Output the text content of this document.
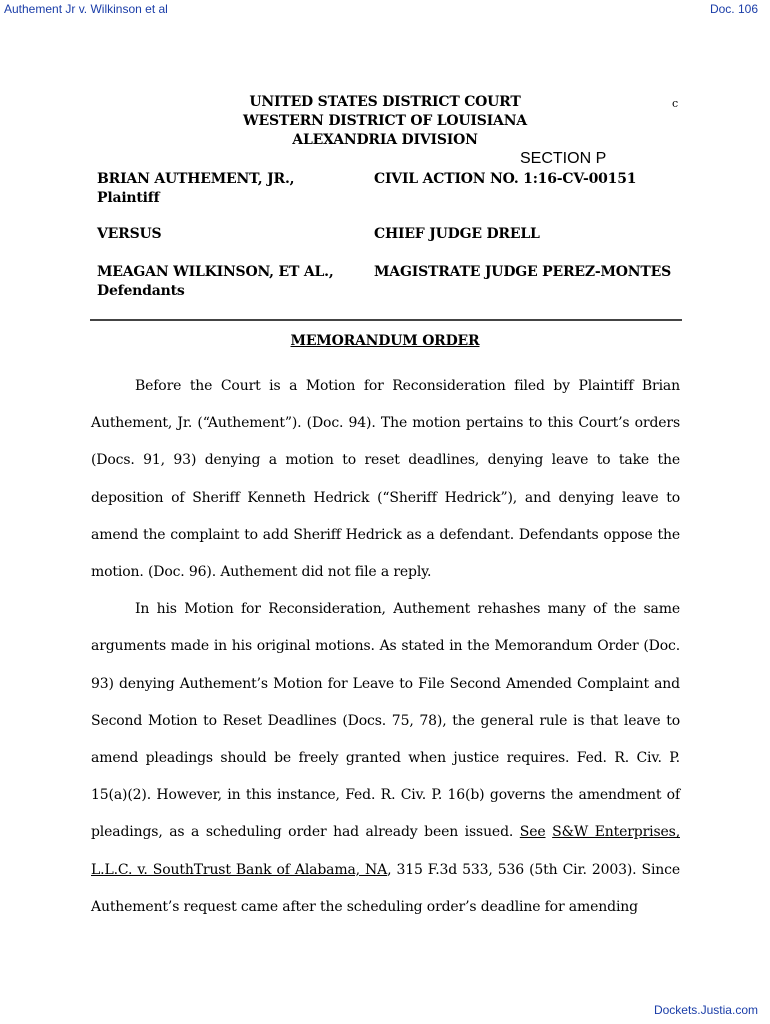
Authement Jr v. Wilkinson et al	Doc. 106
UNITED STATES DISTRICT COURT
WESTERN DISTRICT OF LOUISIANA
ALEXANDRIA DIVISION
c
SECTION P
BRIAN AUTHEMENT, JR.,
Plaintiff
VERSUS
MEAGAN WILKINSON, ET AL.,
Defendants
CIVIL ACTION NO. 1:16-CV-00151
CHIEF JUDGE DRELL
MAGISTRATE JUDGE PEREZ-MONTES
MEMORANDUM ORDER

Before the Court is a Motion for Reconsideration filed by Plaintiff Brian Authement, Jr. (“Authement”). (Doc. 94). The motion pertains to this Court’s orders (Docs. 91, 93) denying a motion to reset deadlines, denying leave to take the deposition of Sheriff Kenneth Hedrick (“Sheriff Hedrick”), and denying leave to amend the complaint to add Sheriff Hedrick as a defendant. Defendants oppose the motion. (Doc. 96). Authement did not file a reply.

In his Motion for Reconsideration, Authement rehashes many of the same arguments made in his original motions. As stated in the Memorandum Order (Doc. 93) denying Authement’s Motion for Leave to File Second Amended Complaint and Second Motion to Reset Deadlines (Docs. 75, 78), the general rule is that leave to amend pleadings should be freely granted when justice requires. Fed. R. Civ. P. 15(a)(2). However, in this instance, Fed. R. Civ. P. 16(b) governs the amendment of pleadings, as a scheduling order had already been issued. See S&W Enterprises, L.L.C. v. SouthTrust Bank of Alabama, NA, 315 F.3d 533, 536 (5th Cir. 2003). Since Authement’s request came after the scheduling order’s deadline for amending

Dockets.Justia.com
